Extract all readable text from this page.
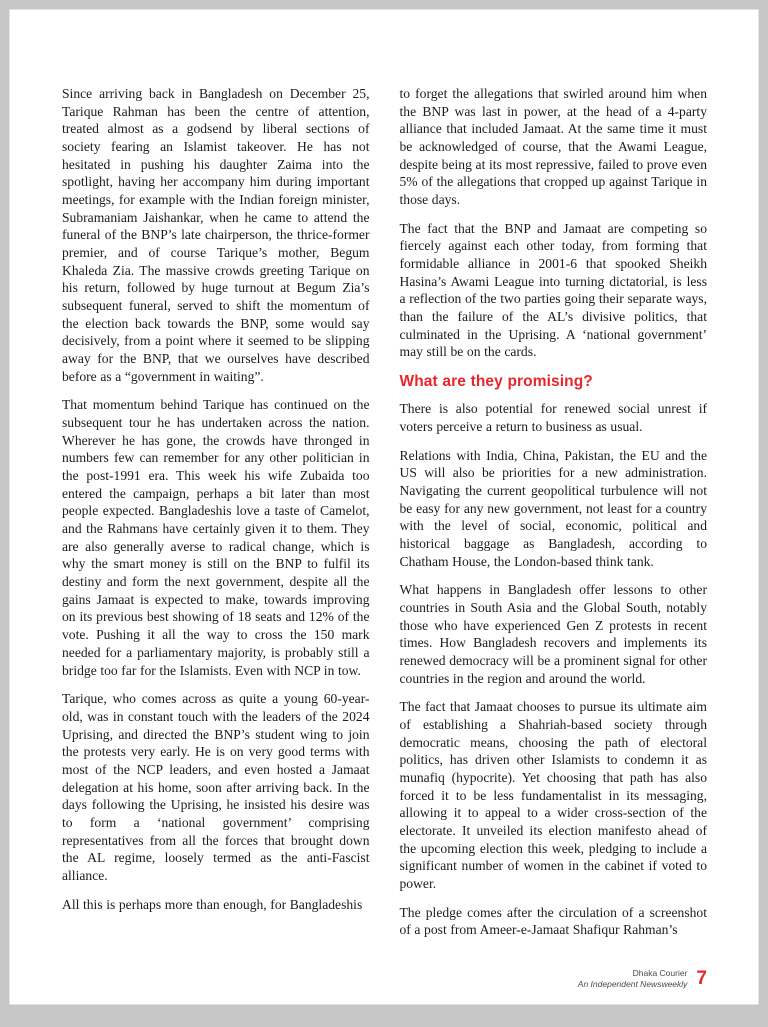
Since arriving back in Bangladesh on December 25, Tarique Rahman has been the centre of attention, treated almost as a godsend by liberal sections of society fearing an Islamist takeover. He has not hesitated in pushing his daughter Zaima into the spotlight, having her accompany him during important meetings, for example with the Indian foreign minister, Subramaniam Jaishankar, when he came to attend the funeral of the BNP’s late chairperson, the thrice-former premier, and of course Tarique’s mother, Begum Khaleda Zia. The massive crowds greeting Tarique on his return, followed by huge turnout at Begum Zia’s subsequent funeral, served to shift the momentum of the election back towards the BNP, some would say decisively, from a point where it seemed to be slipping away for the BNP, that we ourselves have described before as a “government in waiting”.

That momentum behind Tarique has continued on the subsequent tour he has undertaken across the nation. Wherever he has gone, the crowds have thronged in numbers few can remember for any other politician in the post-1991 era. This week his wife Zubaida too entered the campaign, perhaps a bit later than most people expected. Bangladeshis love a taste of Camelot, and the Rahmans have certainly given it to them. They are also generally averse to radical change, which is why the smart money is still on the BNP to fulfil its destiny and form the next government, despite all the gains Jamaat is expected to make, towards improving on its previous best showing of 18 seats and 12% of the vote. Pushing it all the way to cross the 150 mark needed for a parliamentary majority, is probably still a bridge too far for the Islamists. Even with NCP in tow.

Tarique, who comes across as quite a young 60-year-old, was in constant touch with the leaders of the 2024 Uprising, and directed the BNP’s student wing to join the protests very early. He is on very good terms with most of the NCP leaders, and even hosted a Jamaat delegation at his home, soon after arriving back. In the days following the Uprising, he insisted his desire was to form a ‘national government’ comprising representatives from all the forces that brought down the AL regime, loosely termed as the anti-Fascist alliance.

All this is perhaps more than enough, for Bangladeshis

to forget the allegations that swirled around him when the BNP was last in power, at the head of a 4-party alliance that included Jamaat. At the same time it must be acknowledged of course, that the Awami League, despite being at its most repressive, failed to prove even 5% of the allegations that cropped up against Tarique in those days.

The fact that the BNP and Jamaat are competing so fiercely against each other today, from forming that formidable alliance in 2001-6 that spooked Sheikh Hasina’s Awami League into turning dictatorial, is less a reflection of the two parties going their separate ways, than the failure of the AL’s divisive politics, that culminated in the Uprising. A ‘national government’ may still be on the cards.

What are they promising?

There is also potential for renewed social unrest if voters perceive a return to business as usual.

Relations with India, China, Pakistan, the EU and the US will also be priorities for a new administration. Navigating the current geopolitical turbulence will not be easy for any new government, not least for a country with the level of social, economic, political and historical baggage as Bangladesh, according to Chatham House, the London-based think tank.

What happens in Bangladesh offer lessons to other countries in South Asia and the Global South, notably those who have experienced Gen Z protests in recent times. How Bangladesh recovers and implements its renewed democracy will be a prominent signal for other countries in the region and around the world.

The fact that Jamaat chooses to pursue its ultimate aim of establishing a Shahriah-based society through democratic means, choosing the path of electoral politics, has driven other Islamists to condemn it as munafiq (hypocrite). Yet choosing that path has also forced it to be less fundamentalist in its messaging, allowing it to appeal to a wider cross-section of the electorate. It unveiled its election manifesto ahead of the upcoming election this week, pledging to include a significant number of women in the cabinet if voted to power.

The pledge comes after the circulation of a screenshot of a post from Ameer-e-Jamaat Shafiqur Rahman’s

Dhaka Courier
An Independent Newsweekly 7
